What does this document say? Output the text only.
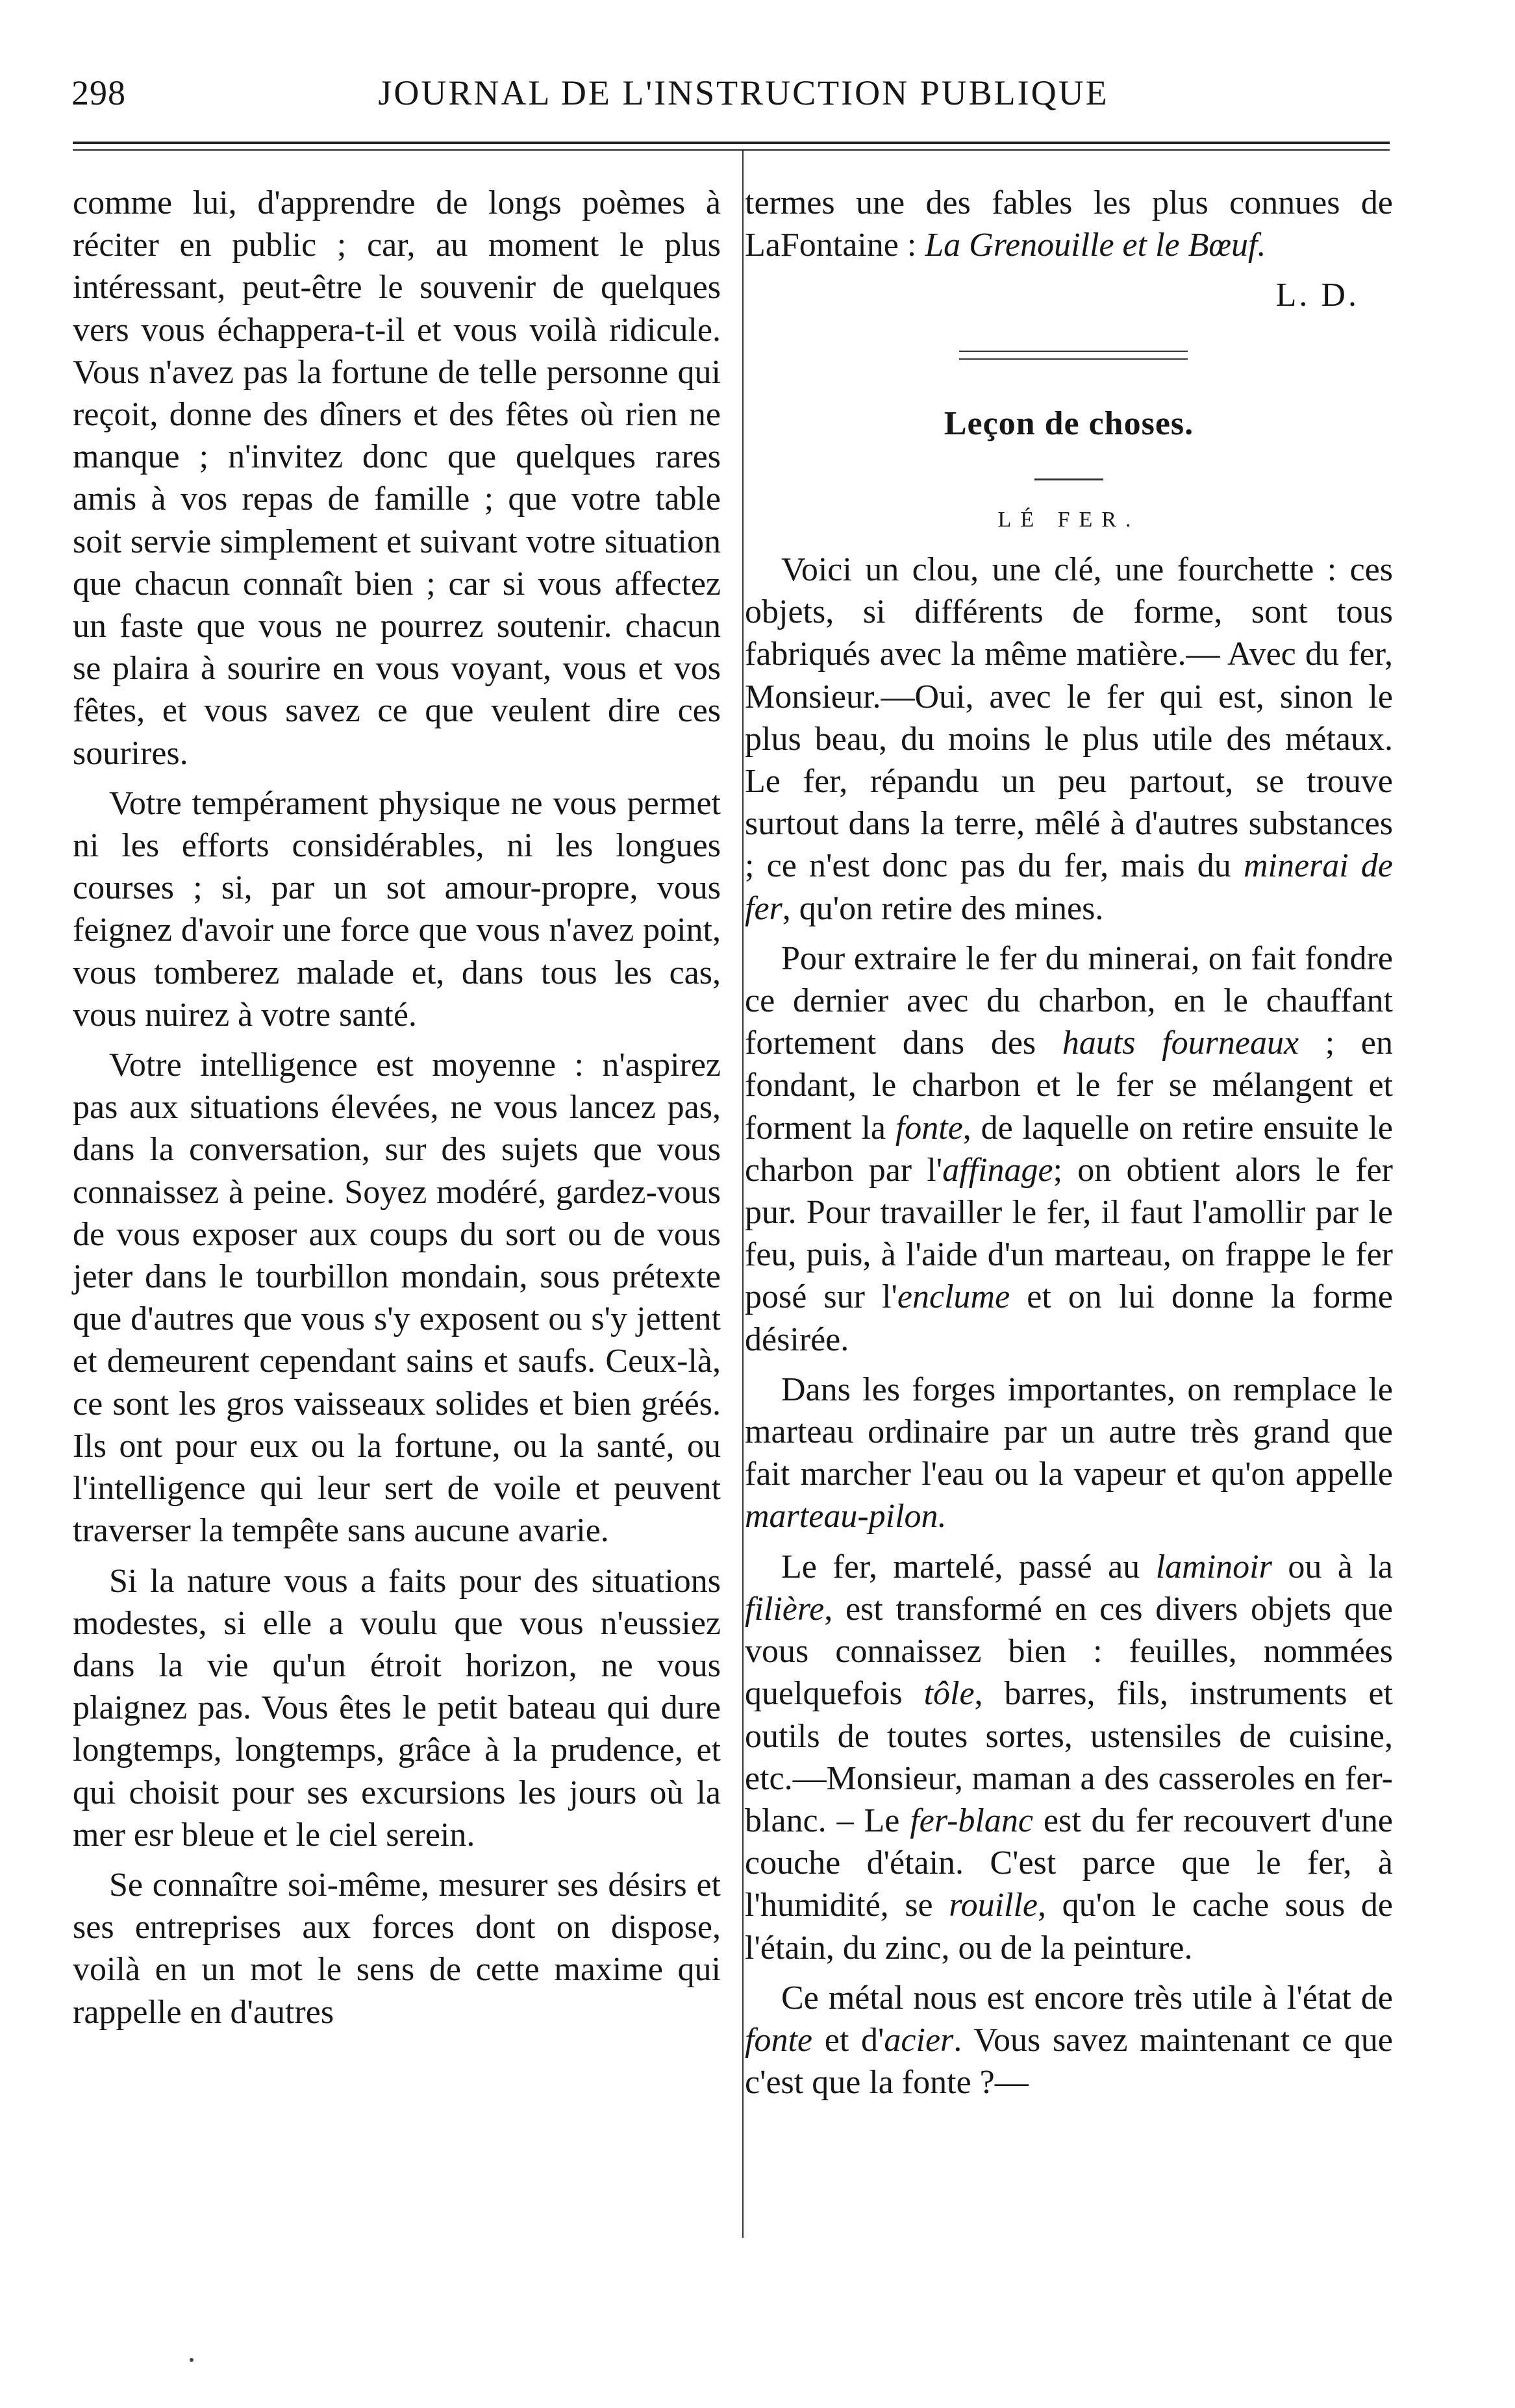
298	JOURNAL DE L'INSTRUCTION PUBLIQUE

comme lui, d'apprendre de longs poèmes à réciter en public ; car, au moment le plus intéressant, peut-être le souvenir de quelques vers vous échappera-t-il et vous voilà ridicule. Vous n'avez pas la fortune de telle personne qui reçoit, donne des dîners et des fêtes où rien ne manque ; n'invitez donc que quelques rares amis à vos repas de famille ; que votre table soit servie simplement et suivant votre situation que chacun connaît bien ; car si vous affectez un faste que vous ne pourrez soutenir. chacun se plaira à sourire en vous voyant, vous et vos fêtes, et vous savez ce que veulent dire ces sourires.

Votre tempérament physique ne vous permet ni les efforts considérables, ni les longues courses ; si, par un sot amour-propre, vous feignez d'avoir une force que vous n'avez point, vous tomberez malade et, dans tous les cas, vous nuirez à votre santé.

Votre intelligence est moyenne : n'aspirez pas aux situations élevées, ne vous lancez pas, dans la conversation, sur des sujets que vous connaissez à peine. Soyez modéré, gardez-vous de vous exposer aux coups du sort ou de vous jeter dans le tourbillon mondain, sous prétexte que d'autres que vous s'y exposent ou s'y jettent et demeurent cependant sains et saufs. Ceux-là, ce sont les gros vaisseaux solides et bien gréés. Ils ont pour eux ou la fortune, ou la santé, ou l'intelligence qui leur sert de voile et peuvent traverser la tempête sans aucune avarie.

Si la nature vous a faits pour des situations modestes, si elle a voulu que vous n'eussiez dans la vie qu'un étroit horizon, ne vous plaignez pas. Vous êtes le petit bateau qui dure longtemps, longtemps, grâce à la prudence, et qui choisit pour ses excursions les jours où la mer esr bleue et le ciel serein.

Se connaître soi-même, mesurer ses désirs et ses entreprises aux forces dont on dispose, voilà en un mot le sens de cette maxime qui rappelle en d'autres

termes une des fables les plus connues de LaFontaine : La Grenouille et le Bœuf.

L. D.

Leçon de choses.
LÉ FER.

Voici un clou, une clé, une fourchette : ces objets, si différents de forme, sont tous fabriqués avec la même matière.— Avec du fer, Monsieur.—Oui, avec le fer qui est, sinon le plus beau, du moins le plus utile des métaux. Le fer, répandu un peu partout, se trouve surtout dans la terre, mêlé à d'autres substances ; ce n'est donc pas du fer, mais du minerai de fer, qu'on retire des mines.

Pour extraire le fer du minerai, on fait fondre ce dernier avec du charbon, en le chauffant fortement dans des hauts fourneaux ; en fondant, le charbon et le fer se mélangent et forment la fonte, de laquelle on retire ensuite le charbon par l'affinage; on obtient alors le fer pur. Pour travailler le fer, il faut l'amollir par le feu, puis, à l'aide d'un marteau, on frappe le fer posé sur l'enclume et on lui donne la forme désirée.

Dans les forges importantes, on remplace le marteau ordinaire par un autre très grand que fait marcher l'eau ou la vapeur et qu'on appelle marteau-pilon.

Le fer, martelé, passé au laminoir ou à la filière, est transformé en ces divers objets que vous connaissez bien : feuilles, nommées quelquefois tôle, barres, fils, instruments et outils de toutes sortes, ustensiles de cuisine, etc.—Monsieur, maman a des casseroles en fer-blanc. – Le fer-blanc est du fer recouvert d'une couche d'étain. C'est parce que le fer, à l'humidité, se rouille, qu'on le cache sous de l'étain, du zinc, ou de la peinture.

Ce métal nous est encore très utile à l'état de fonte et d'acier. Vous savez maintenant ce que c'est que la fonte ?—
